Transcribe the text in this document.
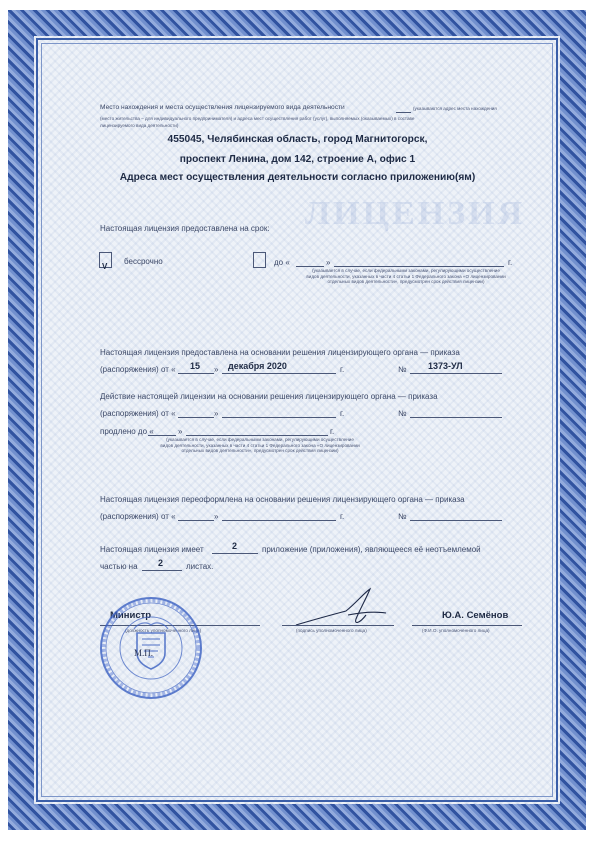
ЛИЦЕНЗИЯ
Место нахождения и места осуществления лицензируемого вида деятельности	(указываются адрес места нахождения
(место жительства – для индивидуального предпринимателя) и адреса мест осуществления работ (услуг), выполняемых (оказываемых) в составе
лицензируемого вида деятельности)
455045, Челябинская область, город Магнитогорск,
проспект Ленина, дом 142, строение А, офис 1
Адреса мест осуществления деятельности согласно приложению(ям)
Настоящая лицензия предоставлена на срок:
V
бессрочно	до «	»	г.
(указывается в случае, если федеральными законами, регулирующими осуществление
видов деятельности, указанных в части 4 статьи 1 Федерального закона «О лицензировании
отдельных видов деятельности», предусмотрен срок действия лицензии)
Настоящая лицензия предоставлена на основании решения лицензирующего органа — приказа
(распоряжения) от « 15 » декабря 2020	г.	№ 1373-УЛ
Действие настоящей лицензии на основании решения лицензирующего органа — приказа
(распоряжения) от «	»	г.	№
продлено до «	»	г.
(указывается в случае, если федеральными законами, регулирующими осуществление
видов деятельности, указанных в части 4 статьи 1 Федерального закона «О лицензировании
отдельных видов деятельности», предусмотрен срок действия лицензии)
Настоящая лицензия переоформлена на основании решения лицензирующего органа — приказа
(распоряжения) от «	»	г.	№
Настоящая лицензия имеет	2	приложение (приложения), являющееся её неотъемлемой
частью на 2	листах.
Министр
(должность уполномоченного лица)	(подпись уполномоченного лица)
Ю.А. Семёнов
(Ф.И.О. уполномоченного лица)
М.П.
